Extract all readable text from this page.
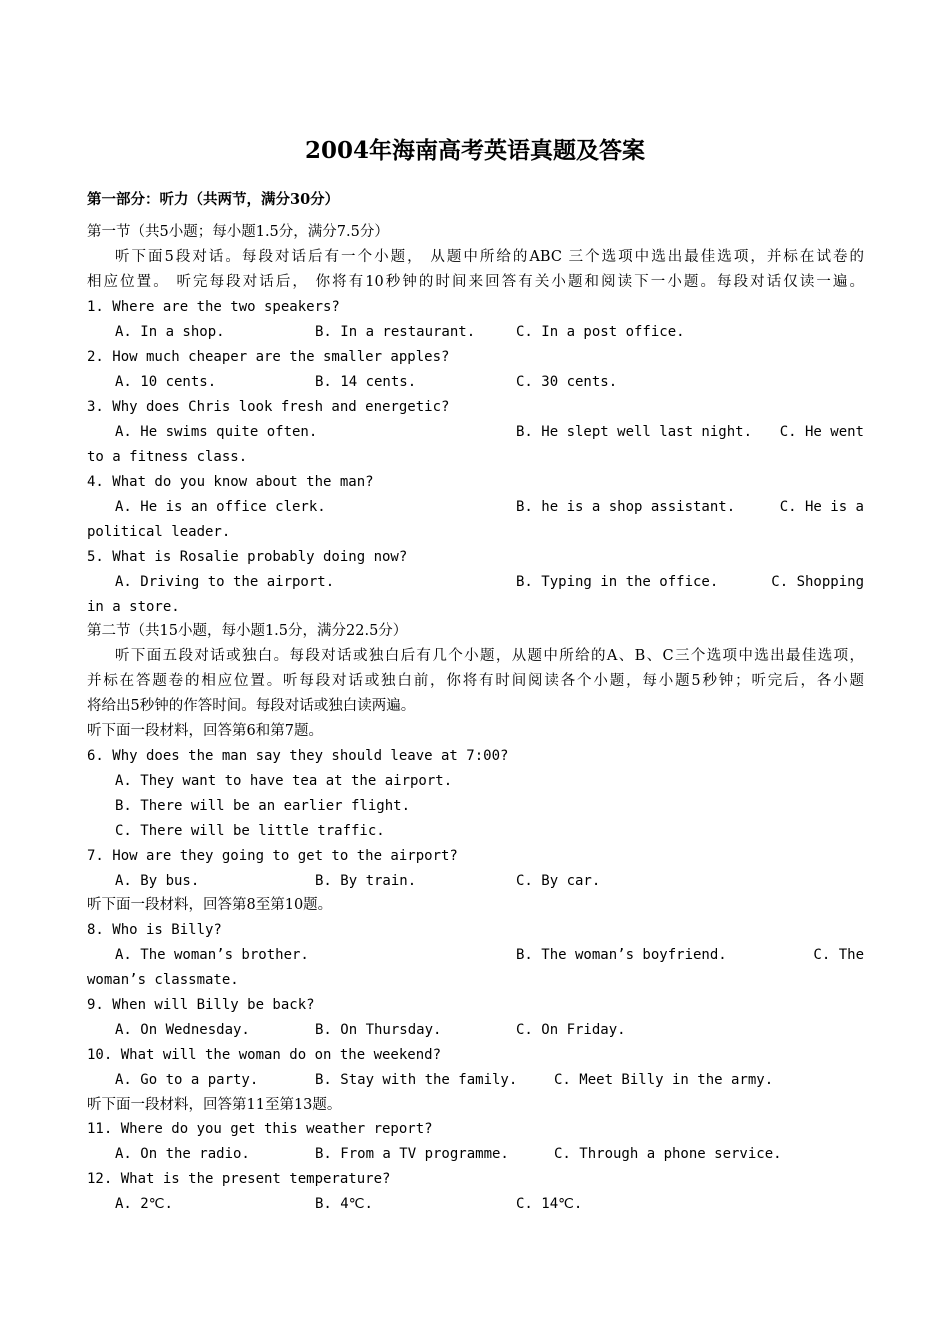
2004年海南高考英语真题及答案
第一部分：听力（共两节，满分30分）
第一节（共5小题；每小题1.5分，满分7.5分）
听下面5段对话。每段对话后有一个小题， 从题中所给的ABC 三个选项中选出最佳选项，并标在试卷的
相应位置。 听完每段对话后， 你将有10秒钟的时间来回答有关小题和阅读下一小题。每段对话仅读一遍。
1. Where are the two speakers?
A. In a shop.	B. In a restaurant.	C. In a post office.
2. How much cheaper are the smaller apples?
A. 10 cents.	B. 14 cents.	C. 30 cents.
3. Why does Chris look fresh and energetic?
A. He swims quite often.	B. He slept well last night. C. He went
to a fitness class.
4. What do you know about the man?
A. He is an office clerk.	B. he is a shop assistant.	C. He is a
political leader.
5. What is Rosalie probably doing now?
A. Driving to the airport.	B. Typing in the office.	C. Shopping
in a store.
第二节（共15小题，每小题1.5分，满分22.5分）
听下面五段对话或独白。每段对话或独白后有几个小题，从题中所给的A、B、C三个选项中选出最佳选项，
并标在答题卷的相应位置。听每段对话或独白前，你将有时间阅读各个小题，每小题5秒钟；听完后，各小题
将给出5秒钟的作答时间。每段对话或独白读两遍。
听下面一段材料，回答第6和第7题。
6. Why does the man say they should leave at 7:00?
A. They want to have tea at the airport.
B. There will be an earlier flight.
C. There will be little traffic.
7. How are they going to get to the airport?
A. By bus.	B. By train.	C. By car.
听下面一段材料，回答第8至第10题。
8. Who is Billy?
A. The woman’s brother.	B. The woman’s boyfriend.	C. The
woman’s classmate.
9. When will Billy be back?
A. On Wednesday.	B. On Thursday.	C. On Friday.
10. What will the woman do on the weekend?
A. Go to a party.	B. Stay with the family.	C. Meet Billy in the army.
听下面一段材料，回答第11至第13题。
11. Where do you get this weather report?
A. On the radio.	B. From a TV programme.	C. Through a phone service.
12. What is the present temperature?
A. 2℃.	B. 4℃.	C. 14℃.
